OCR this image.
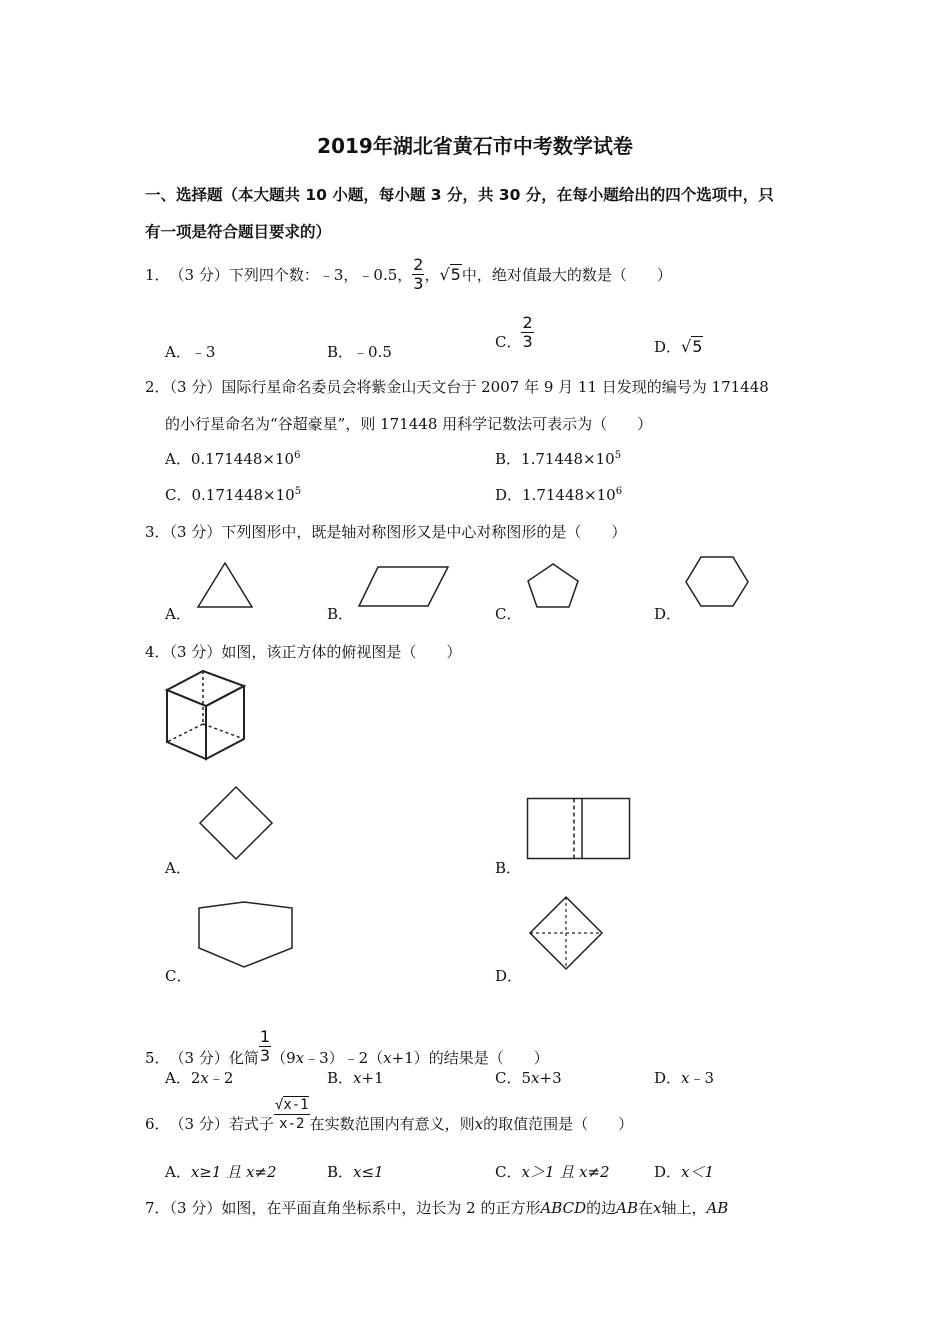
2019年湖北省黄石市中考数学试卷
一、选择题（本大题共 10 小题，每小题 3 分，共 30 分，在每小题给出的四个选项中，只
有一项是符合题目要求的）
1．（3 分）下列四个数：﹣3，﹣0.5， $\frac{2}{3}$ ，√5中，绝对值最大的数是（　　）
A．﹣3	B．﹣0.5
C． $\frac{2}{3}$	D．√5
2．（3 分）国际行星命名委员会将紫金山天文台于 2007 年 9 月 11 日发现的编号为 171448
的小行星命名为“谷超豪星”，则 171448 用科学记数法可表示为（　　）
A．$0.171448\times 10^6$	B．$1.71448\times 10^5$
C．$0.171448\times 10^5$	D．$1.71448\times 10^6$
3．（3 分）下列图形中，既是轴对称图形又是中心对称图形的是（　　）
A．	B．	C．	D．
4．（3 分）如图，该正方体的俯视图是（　　）
A．	B．
C．	D．
5．（3 分）化简 $\frac{1}{3}$ （9x﹣3）﹣2（x+1）的结果是（　　）
A．2x﹣2	B．x+1	C．5x+3	D．x﹣3
6．（3 分）若式子 $\frac{√x-1}{x-2}$ 在实数范围内有意义，则x的取值范围是（　　）
A．x≥1 且 x≠2	B．x≤1	C．x＞1 且 x≠2	D．x＜1
7．（3 分）如图，在平面直角坐标系中，边长为 2 的正方形ABCD的边AB在x轴上，AB
